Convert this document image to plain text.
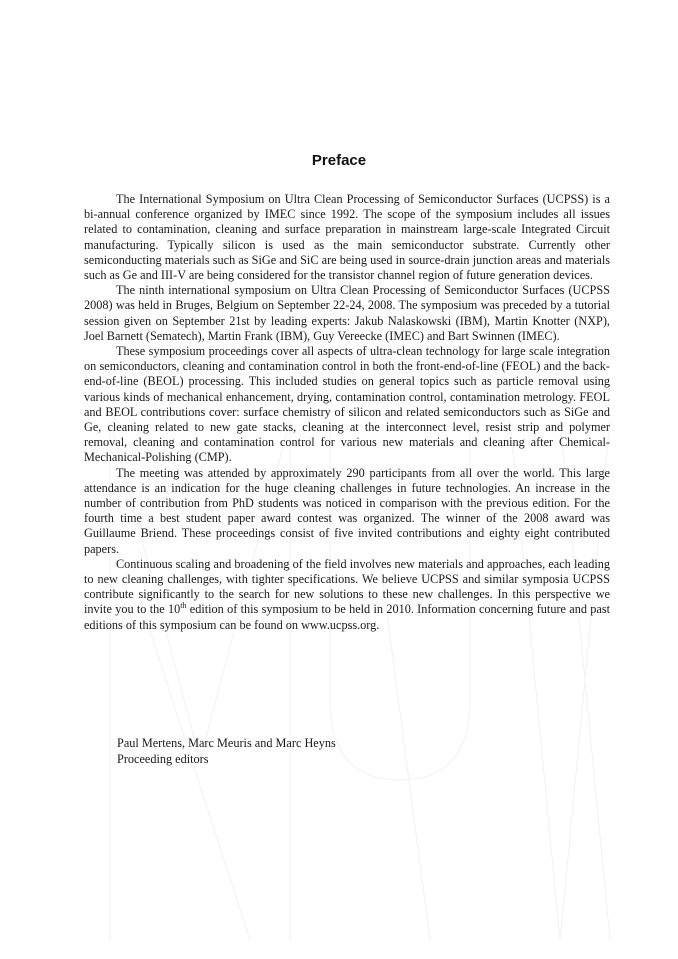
Preface

The International Symposium on Ultra Clean Processing of Semiconductor Surfaces (UCPSS) is a bi-annual conference organized by IMEC since 1992. The scope of the symposium includes all issues related to contamination, cleaning and surface preparation in mainstream large-scale Integrated Circuit manufacturing. Typically silicon is used as the main semiconductor substrate. Currently other semiconducting materials such as SiGe and SiC are being used in source-drain junction areas and materials such as Ge and III-V are being considered for the transistor channel region of future generation devices.

The ninth international symposium on Ultra Clean Processing of Semiconductor Surfaces (UCPSS 2008) was held in Bruges, Belgium on September 22-24, 2008. The symposium was preceded by a tutorial session given on September 21st by leading experts: Jakub Nalaskowski (IBM), Martin Knotter (NXP), Joel Barnett (Sematech), Martin Frank (IBM), Guy Vereecke (IMEC) and Bart Swinnen (IMEC).

These symposium proceedings cover all aspects of ultra-clean technology for large scale integration on semiconductors, cleaning and contamination control in both the front-end-of-line (FEOL) and the back-end-of-line (BEOL) processing. This included studies on general topics such as particle removal using various kinds of mechanical enhancement, drying, contamination control, contamination metrology. FEOL and BEOL contributions cover: surface chemistry of silicon and related semiconductors such as SiGe and Ge, cleaning related to new gate stacks, cleaning at the interconnect level, resist strip and polymer removal, cleaning and contamination control for various new materials and cleaning after Chemical-Mechanical-Polishing (CMP).

The meeting was attended by approximately 290 participants from all over the world. This large attendance is an indication for the huge cleaning challenges in future technologies. An increase in the number of contribution from PhD students was noticed in comparison with the previous edition. For the fourth time a best student paper award contest was organized. The winner of the 2008 award was Guillaume Briend. These proceedings consist of five invited contributions and eighty eight contributed papers.

Continuous scaling and broadening of the field involves new materials and approaches, each leading to new cleaning challenges, with tighter specifications. We believe UCPSS and similar symposia UCPSS contribute significantly to the search for new solutions to these new challenges. In this perspective we invite you to the 10th edition of this symposium to be held in 2010. Information concerning future and past editions of this symposium can be found on www.ucpss.org.

Paul Mertens, Marc Meuris and Marc Heyns
Proceeding editors
